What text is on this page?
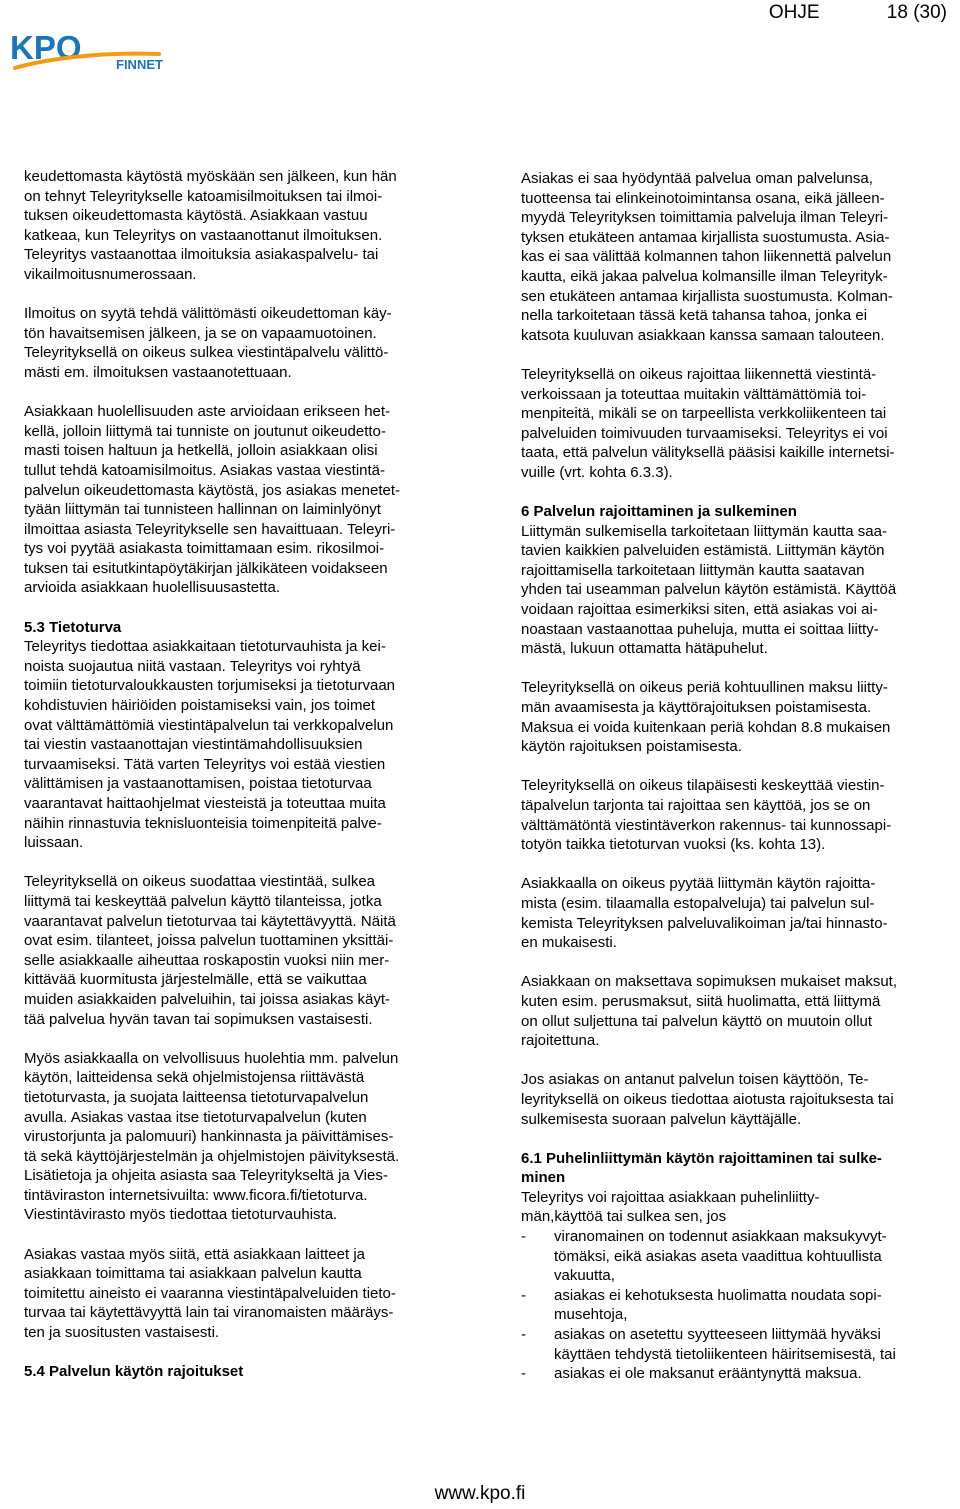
OHJE	18 (30)
KPO	FINNET

keudettomasta käytöstä myöskään sen jälkeen, kun hän
on tehnyt Teleyritykselle katoamisilmoituksen tai ilmoi-
tuksen oikeudettomasta käytöstä. Asiakkaan vastuu
katkeaa, kun Teleyritys on vastaanottanut ilmoituksen.
Teleyritys vastaanottaa ilmoituksia asiakaspalvelu- tai
vikailmoitusnumerossaan.

Ilmoitus on syytä tehdä välittömästi oikeudettoman käy-
tön havaitsemisen jälkeen, ja se on vapaamuotoinen.
Teleyrityksellä on oikeus sulkea viestintäpalvelu välittö-
mästi em. ilmoituksen vastaanotettuaan.

Asiakkaan huolellisuuden aste arvioidaan erikseen het-
kellä, jolloin liittymä tai tunniste on joutunut oikeudetto-
masti toisen haltuun ja hetkellä, jolloin asiakkaan olisi
tullut tehdä katoamisilmoitus. Asiakas vastaa viestintä-
palvelun oikeudettomasta käytöstä, jos asiakas menetet-
tyään liittymän tai tunnisteen hallinnan on laiminlyönyt
ilmoittaa asiasta Teleyritykselle sen havaittuaan. Teleyri-
tys voi pyytää asiakasta toimittamaan esim. rikosilmoi-
tuksen tai esitutkintapöytäkirjan jälkikäteen voidakseen
arvioida asiakkaan huolellisuusastetta.

5.3 Tietoturva

Teleyritys tiedottaa asiakkaitaan tietoturvauhista ja kei-
noista suojautua niitä vastaan. Teleyritys voi ryhtyä
toimiin tietoturvaloukkausten torjumiseksi ja tietoturvaan
kohdistuvien häiriöiden poistamiseksi vain, jos toimet
ovat välttämättömiä viestintäpalvelun tai verkkopalvelun
tai viestin vastaanottajan viestintämahdollisuuksien
turvaamiseksi. Tätä varten Teleyritys voi estää viestien
välittämisen ja vastaanottamisen, poistaa tietoturvaa
vaarantavat haittaohjelmat viesteistä ja toteuttaa muita
näihin rinnastuvia teknisluonteisia toimenpiteitä palve-
luissaan.

Teleyrityksellä on oikeus suodattaa viestintää, sulkea
liittymä tai keskeyttää palvelun käyttö tilanteissa, jotka
vaarantavat palvelun tietoturvaa tai käytettävyyttä. Näitä
ovat esim. tilanteet, joissa palvelun tuottaminen yksittäi-
selle asiakkaalle aiheuttaa roskapostin vuoksi niin mer-
kittävää kuormitusta järjestelmälle, että se vaikuttaa
muiden asiakkaiden palveluihin, tai joissa asiakas käyt-
tää palvelua hyvän tavan tai sopimuksen vastaisesti.

Myös asiakkaalla on velvollisuus huolehtia mm. palvelun
käytön, laitteidensa sekä ohjelmistojensa riittävästä
tietoturvasta, ja suojata laitteensa tietoturvapalvelun
avulla. Asiakas vastaa itse tietoturvapalvelun (kuten
virustorjunta ja palomuuri) hankinnasta ja päivittämises-
tä sekä käyttöjärjestelmän ja ohjelmistojen päivityksestä.
Lisätietoja ja ohjeita asiasta saa Teleyritykseltä ja Vies-
tintäviraston internetsivuilta: www.ficora.fi/tietoturva.
Viestintävirasto myös tiedottaa tietoturvauhista.

Asiakas vastaa myös siitä, että asiakkaan laitteet ja
asiakkaan toimittama tai asiakkaan palvelun kautta
toimitettu aineisto ei vaaranna viestintäpalveluiden tieto-
turvaa tai käytettävyyttä lain tai viranomaisten määräys-
ten ja suositusten vastaisesti.

5.4 Palvelun käytön rajoitukset

Asiakas ei saa hyödyntää palvelua oman palvelunsa,
tuotteensa tai elinkeinotoimintansa osana, eikä jälleen-
myydä Teleyrityksen toimittamia palveluja ilman Teleyri-
tyksen etukäteen antamaa kirjallista suostumusta. Asia-
kas ei saa välittää kolmannen tahon liikennettä palvelun
kautta, eikä jakaa palvelua kolmansille ilman Teleyrityk-
sen etukäteen antamaa kirjallista suostumusta. Kolman-
nella tarkoitetaan tässä ketä tahansa tahoa, jonka ei
katsota kuuluvan asiakkaan kanssa samaan talouteen.

Teleyrityksellä on oikeus rajoittaa liikennettä viestintä-
verkoissaan ja toteuttaa muitakin välttämättömiä toi-
menpiteitä, mikäli se on tarpeellista verkkoliikenteen tai
palveluiden toimivuuden turvaamiseksi. Teleyritys ei voi
taata, että palvelun välityksellä pääsisi kaikille internetsi-
vuille (vrt. kohta 6.3.3).

6 Palvelun rajoittaminen ja sulkeminen

Liittymän sulkemisella tarkoitetaan liittymän kautta saa-
tavien kaikkien palveluiden estämistä. Liittymän käytön
rajoittamisella tarkoitetaan liittymän kautta saatavan
yhden tai useamman palvelun käytön estämistä. Käyttöä
voidaan rajoittaa esimerkiksi siten, että asiakas voi ai-
noastaan vastaanottaa puheluja, mutta ei soittaa liitty-
mästä, lukuun ottamatta hätäpuhelut.

Teleyrityksellä on oikeus periä kohtuullinen maksu liitty-
män avaamisesta ja käyttörajoituksen poistamisesta.
Maksua ei voida kuitenkaan periä kohdan 8.8 mukaisen
käytön rajoituksen poistamisesta.

Teleyrityksellä on oikeus tilapäisesti keskeyttää viestin-
täpalvelun tarjonta tai rajoittaa sen käyttöä, jos se on
välttämätöntä viestintäverkon rakennus- tai kunnossapi-
totyön taikka tietoturvan vuoksi (ks. kohta 13).

Asiakkaalla on oikeus pyytää liittymän käytön rajoitta-
mista (esim. tilaamalla estopalveluja) tai palvelun sul-
kemista Teleyrityksen palveluvalikoiman ja/tai hinnasto-
en mukaisesti.

Asiakkaan on maksettava sopimuksen mukaiset maksut,
kuten esim. perusmaksut, siitä huolimatta, että liittymä
on ollut suljettuna tai palvelun käyttö on muutoin ollut
rajoitettuna.

Jos asiakas on antanut palvelun toisen käyttöön, Te-
leyrityksellä on oikeus tiedottaa aiotusta rajoituksesta tai
sulkemisesta suoraan palvelun käyttäjälle.

6.1 Puhelinliittymän käytön rajoittaminen tai sulke-
minen

Teleyritys voi rajoittaa asiakkaan puhelinliitty-
män,käyttöä tai sulkea sen, jos

- viranomainen on todennut asiakkaan maksukyvyt-
tömäksi, eikä asiakas aseta vaadittua kohtuullista
vakuutta,
- asiakas ei kehotuksesta huolimatta noudata sopi-
musehtoja,
- asiakas on asetettu syytteeseen liittymää hyväksi
käyttäen tehdystä tietoliikenteen häiritsemisestä, tai
- asiakas ei ole maksanut erääntynyttä maksua.
www.kpo.fi
